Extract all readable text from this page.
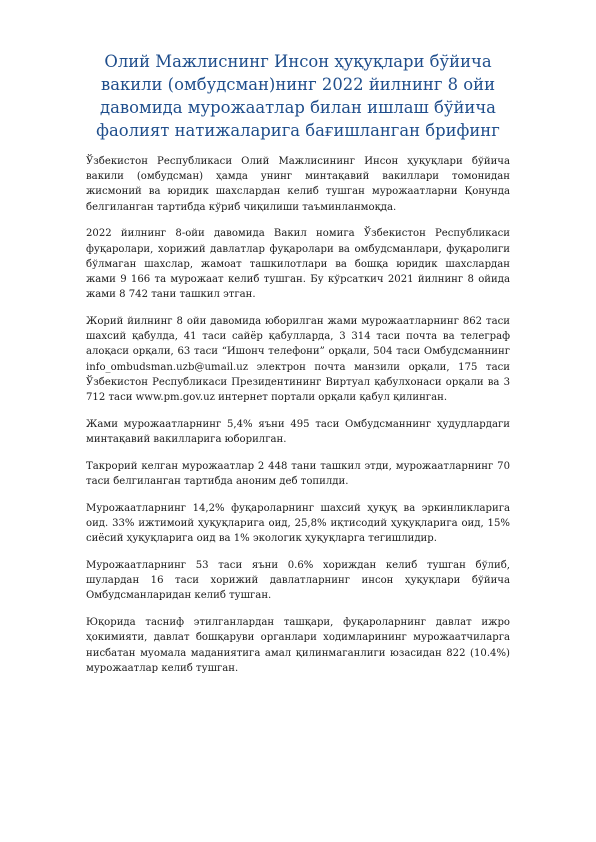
Олий Мажлиснинг Инсон ҳуқуқлари бўйича вакили (омбудсман)нинг 2022 йилнинг 8 ойи давомида мурожаатлар билан ишлаш бўйича фаолият натижаларига бағишланган брифинг

Ўзбекистон Республикаси Олий Мажлисининг Инсон ҳуқуқлари бўйича вакили (омбудсман) ҳамда унинг минтақавий вакиллари томонидан жисмоний ва юридик шахслардан келиб тушган мурожаатларни Қонунда белгиланган тартибда кўриб чиқилиши таъминланмоқда.

2022 йилнинг 8-ойи давомида Вакил номига Ўзбекистон Республикаси фуқаролари, хорижий давлатлар фуқаролари ва омбудсманлари, фуқаролиги бўлмаган шахслар, жамоат ташкилотлари ва бошқа юридик шахслардан жами 9 166 та мурожаат келиб тушган. Бу кўрсаткич 2021 йилнинг 8 ойида жами 8 742 тани ташкил этган.

Жорий йилнинг 8 ойи давомида юборилган жами мурожаатларнинг 862 таси шахсий қабулда, 41 таси сайёр қабулларда, 3 314 таси почта ва телеграф алоқаси орқали, 63 таси “Ишонч телефони” орқали, 504 таси Омбудсманнинг info_ombudsman.uzb@umail.uz электрон почта манзили орқали, 175 таси Ўзбекистон Республикаси Президентининг Виртуал қабулхонаси орқали ва 3 712 таси www.pm.gov.uz интернет портали орқали қабул қилинган.

Жами мурожаатларнинг 5,4% яъни 495 таси Омбудсманнинг ҳудудлардаги минтақавий вакилларига юборилган.

Такрорий келган мурожаатлар 2 448 тани ташкил этди, мурожаатларнинг 70 таси белгиланган тартибда аноним деб топилди.

Мурожаатларнинг 14,2% фуқароларнинг шахсий ҳуқуқ ва эркинликларига оид. 33% ижтимоий ҳуқуқларига оид, 25,8% иқтисодий ҳуқуқларига оид, 15% сиёсий ҳуқуқларига оид ва 1% экологик ҳуқуқларга тегишлидир.

Мурожаатларнинг 53 таси яъни 0.6% хориждан келиб тушган бўлиб, шулардан 16 таси хорижий давлатларнинг инсон ҳуқуқлари бўйича Омбудсманларидан келиб тушган.

Юқорида тасниф этилганлардан ташқари, фуқароларнинг давлат ижро ҳокимияти, давлат бошқаруви органлари ходимларининг мурожаатчиларга нисбатан муомала маданиятига амал қилинмаганлиги юзасидан 822 (10.4%) мурожаатлар келиб тушган.
